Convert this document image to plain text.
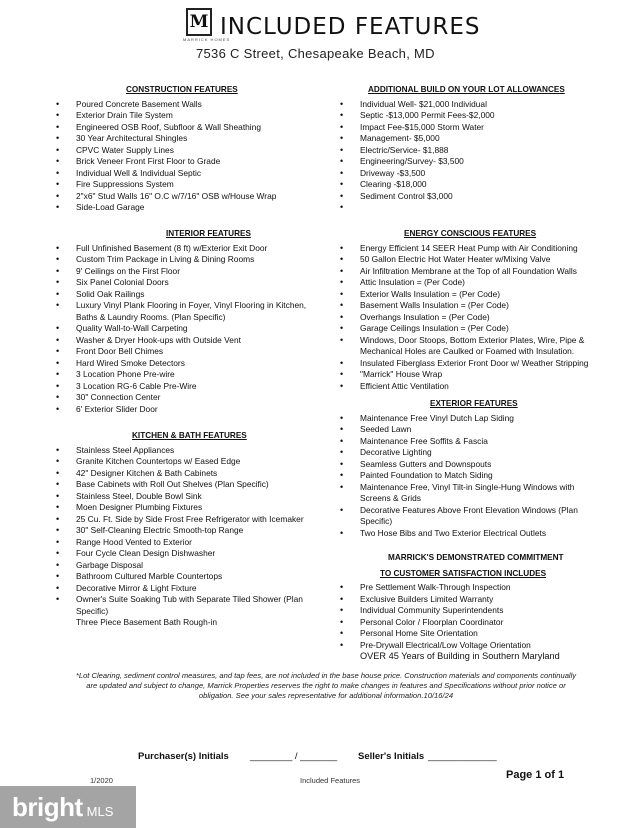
M
MARRICK HOMES
INCLUDED FEATURES
7536 C Street, Chesapeake Beach, MD
CONSTRUCTION FEATURES
• Poured Concrete Basement Walls
• Exterior Drain Tile System
• Engineered OSB Roof, Subfloor & Wall Sheathing
• 30 Year Architectural Shingles
• CPVC Water Supply Lines
• Brick Veneer Front First Floor to Grade
• Individual Well & Individual Septic
• Fire Suppressions System
• 2"x6" Stud Walls 16" O.C w/7/16" OSB w/House Wrap
• Side-Load Garage
INTERIOR FEATURES
• Full Unfinished Basement (8 ft) w/Exterior Exit Door
• Custom Trim Package in Living & Dining Rooms
• 9' Ceilings on the First Floor
• Six Panel Colonial Doors
• Solid Oak Railings
• Luxury Vinyl Plank Flooring in Foyer, Vinyl Flooring in Kitchen, Baths & Laundry Rooms. (Plan Specific)
• Quality Wall-to-Wall Carpeting
• Washer & Dryer Hook-ups with Outside Vent
• Front Door Bell Chimes
• Hard Wired Smoke Detectors
• 3 Location Phone Pre-wire
• 3 Location RG-6 Cable Pre-Wire
• 30" Connection Center
• 6' Exterior Slider Door
KITCHEN & BATH FEATURES
• Stainless Steel Appliances
• Granite Kitchen Countertops w/ Eased Edge
• 42" Designer Kitchen & Bath Cabinets
• Base Cabinets with Roll Out Shelves (Plan Specific)
• Stainless Steel, Double Bowl Sink
• Moen Designer Plumbing Fixtures
• 25 Cu. Ft. Side by Side Frost Free Refrigerator with Icemaker
• 30" Self-Cleaning Electric Smooth-top Range
• Range Hood Vented to Exterior
• Four Cycle Clean Design Dishwasher
• Garbage Disposal
• Bathroom Cultured Marble Countertops
• Decorative Mirror & Light Fixture
• Owner's Suite Soaking Tub with Separate Tiled Shower (Plan Specific)
Three Piece Basement Bath Rough-in
ADDITIONAL BUILD ON YOUR LOT ALLOWANCES
• Individual Well- $21,000 Individual
• Septic -$13,000 Permit Fees-$2,000
• Impact Fee-$15,000 Storm Water
• Management- $5,000
• Electric/Service- $1,888
• Engineering/Survey- $3,500
• Driveway -$3,500
• Clearing -$18,000
• Sediment Control $3,000
ENERGY CONSCIOUS FEATURES
• Energy Efficient 14 SEER Heat Pump with Air Conditioning
• 50 Gallon Electric Hot Water Heater w/Mixing Valve
• Air Infiltration Membrane at the Top of all Foundation Walls
• Attic Insulation = (Per Code)
• Exterior Walls Insulation = (Per Code)
• Basement Walls Insulation = (Per Code)
• Overhangs Insulation = (Per Code)
• Garage Ceilings Insulation = (Per Code)
• Windows, Door Stoops, Bottom Exterior Plates, Wire, Pipe & Mechanical Holes are Caulked or Foamed with Insulation.
• Insulated Fiberglass Exterior Front Door w/ Weather Stripping
• "Marrick" House Wrap
• Efficient Attic Ventilation
EXTERIOR FEATURES
• Maintenance Free Vinyl Dutch Lap Siding
• Seeded Lawn
• Maintenance Free Soffits & Fascia
• Decorative Lighting
• Seamless Gutters and Downspouts
• Painted Foundation to Match Siding
• Maintenance Free, Vinyl Tilt-in Single-Hung Windows with Screens & Grids
• Decorative Features Above Front Elevation Windows (Plan Specific)
• Two Hose Bibs and Two Exterior Electrical Outlets
MARRICK'S DEMONSTRATED COMMITMENT
TO CUSTOMER SATISFACTION INCLUDES
• Pre Settlement Walk-Through Inspection
• Exclusive Builders Limited Warranty
• Individual Community Superintendents
• Personal Color / Floorplan Coordinator
• Personal Home Site Orientation
• Pre-Drywall Electrical/Low Voltage Orientation
OVER 45 Years of Building in Southern Maryland
*Lot Clearing, sediment control measures, and tap fees, are not included in the base house price. Construction materials and components continually are updated and subject to change, Marrick Properties reserves the right to make changes in features and Specifications without prior notice or obligation. See your sales representative for additional information.10/16/24
Purchaser(s) Initials ________ / _______ Seller's Initials _____________
1/2020	Included Features	Page 1 of 1
bright MLS
